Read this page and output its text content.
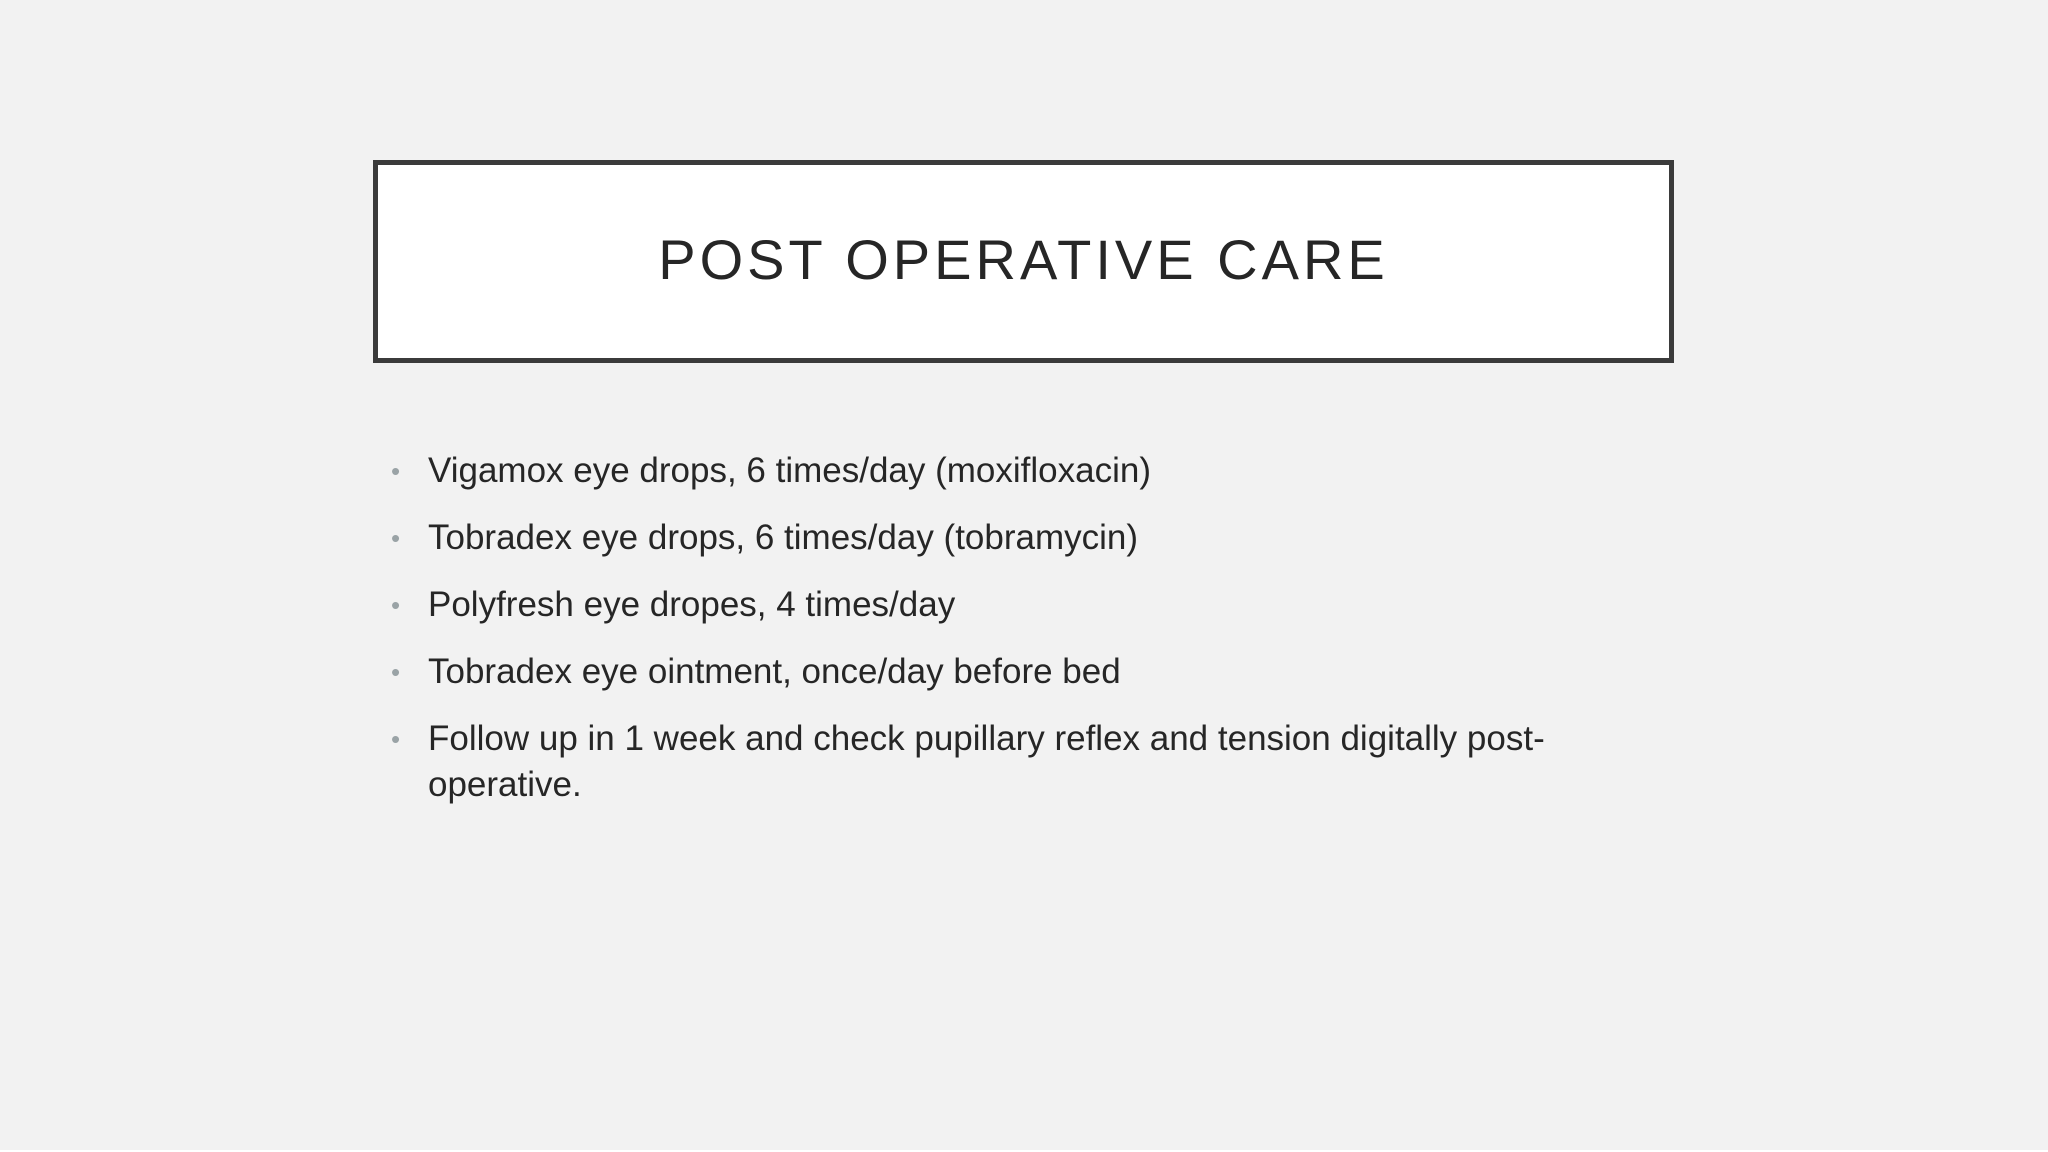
POST OPERATIVE CARE
• Vigamox eye drops, 6 times/day (moxifloxacin)
• Tobradex eye drops, 6 times/day (tobramycin)
• Polyfresh eye dropes, 4 times/day
• Tobradex eye ointment, once/day before bed
• Follow up in 1 week and check pupillary reflex and tension digitally post-operative.
